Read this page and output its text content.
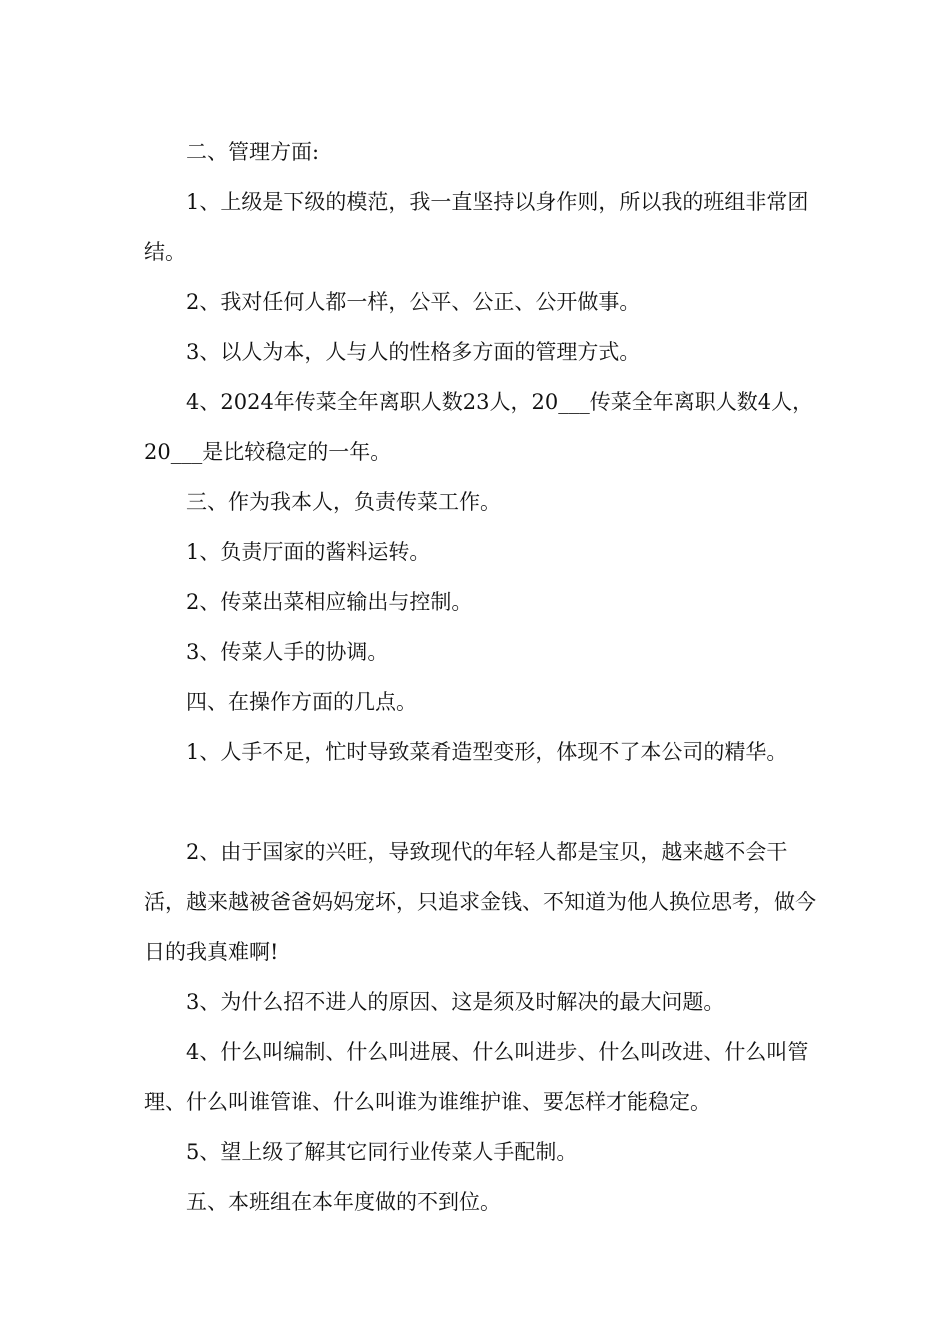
二、管理方面:

1、上级是下级的模范，我一直坚持以身作则，所以我的班组非常团结。

2、我对任何人都一样，公平、公正、公开做事。

3、以人为本，人与人的性格多方面的管理方式。

4、2024年传菜全年离职人数23人，20___传菜全年离职人数4人，20___是比较稳定的一年。

三、作为我本人，负责传菜工作。

1、负责厅面的酱料运转。

2、传菜出菜相应输出与控制。

3、传菜人手的协调。

四、在操作方面的几点。

1、人手不足，忙时导致菜肴造型变形，体现不了本公司的精华。

2、由于国家的兴旺，导致现代的年轻人都是宝贝，越来越不会干活，越来越被爸爸妈妈宠坏，只追求金钱、不知道为他人换位思考，做今日的我真难啊!

3、为什么招不进人的原因、这是须及时解决的最大问题。

4、什么叫编制、什么叫进展、什么叫进步、什么叫改进、什么叫管理、什么叫谁管谁、什么叫谁为谁维护谁、要怎样才能稳定。

5、望上级了解其它同行业传菜人手配制。

五、本班组在本年度做的不到位。
